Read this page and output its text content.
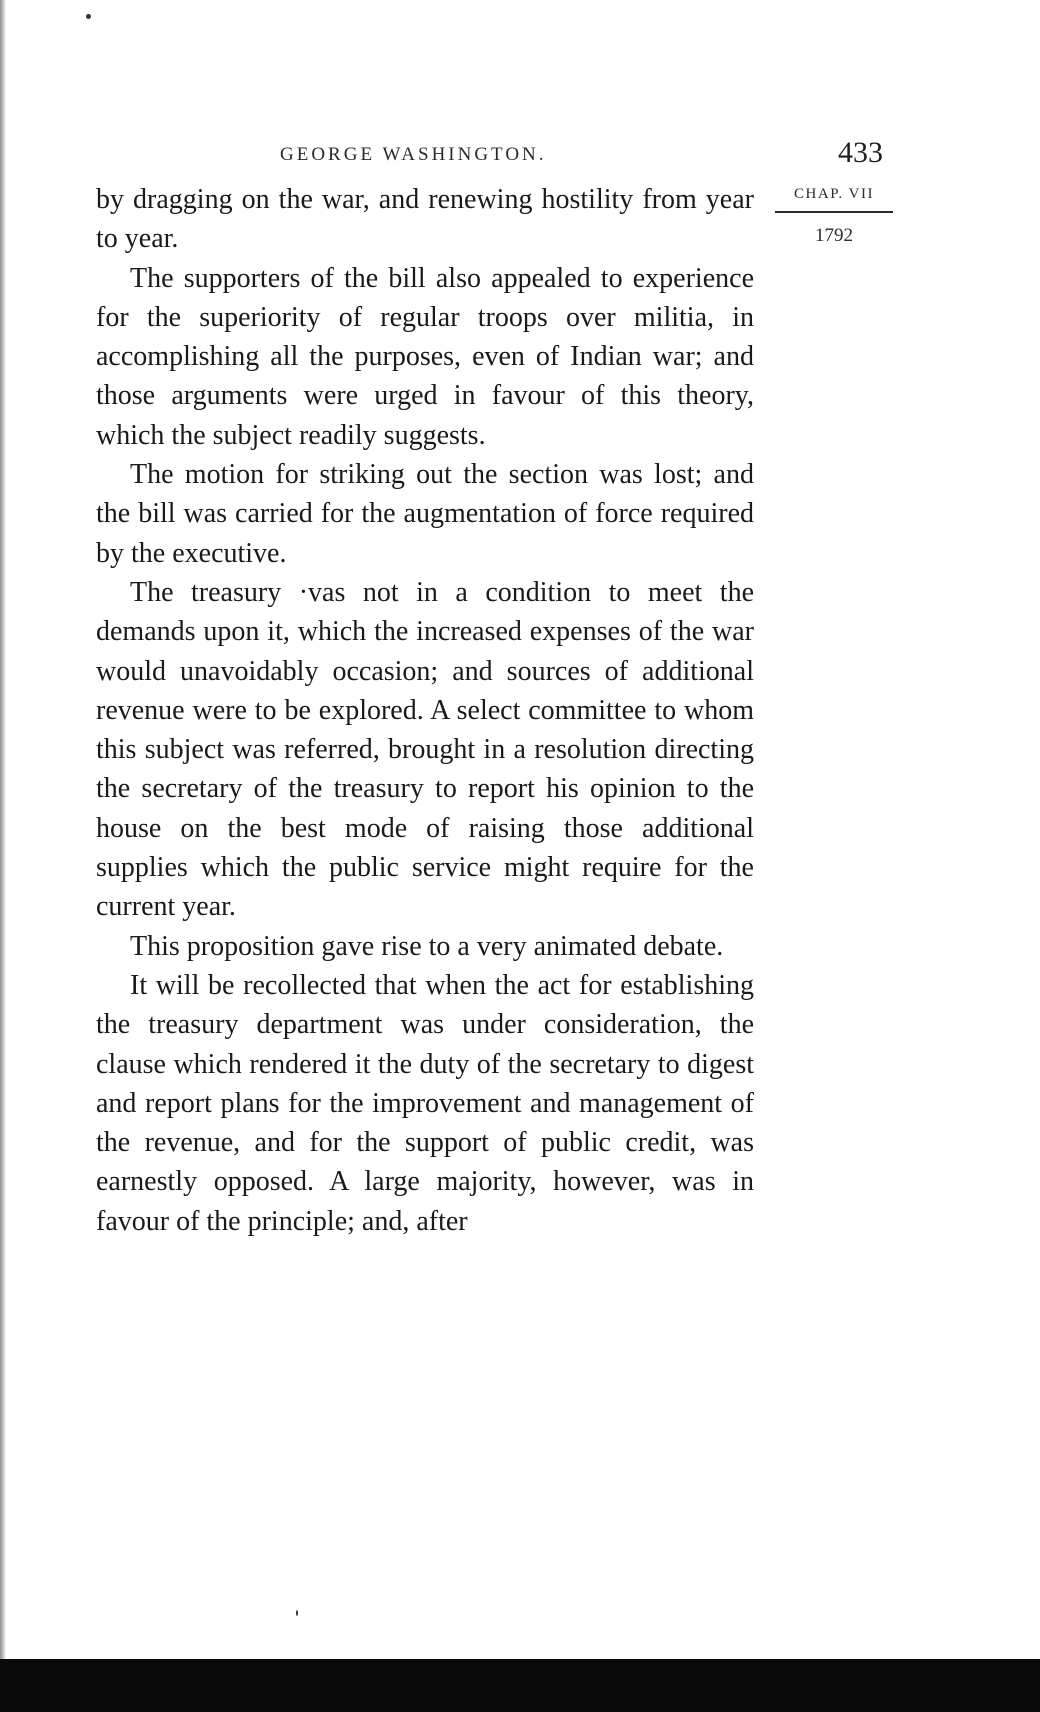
GEORGE WASHINGTON.	433
CHAP. VII
1792

by dragging on the war, and renewing hostility from year to year.

The supporters of the bill also appealed to experience for the superiority of regular troops over militia, in accomplishing all the purposes, even of Indian war; and those arguments were urged in favour of this theory, which the subject readily suggests.

The motion for striking out the section was lost; and the bill was carried for the augmentation of force required by the executive.

The treasury ·vas not in a condition to meet the demands upon it, which the increased expenses of the war would unavoidably occasion; and sources of additional revenue were to be explored. A select committee to whom this subject was referred, brought in a resolution directing the secretary of the treasury to report his opinion to the house on the best mode of raising those additional supplies which the public service might require for the current year.

This proposition gave rise to a very animated debate.

It will be recollected that when the act for establishing the treasury department was under consideration, the clause which rendered it the duty of the secretary to digest and report plans for the improvement and management of the revenue, and for the support of public credit, was earnestly opposed. A large majority, however, was in favour of the principle; and, after
